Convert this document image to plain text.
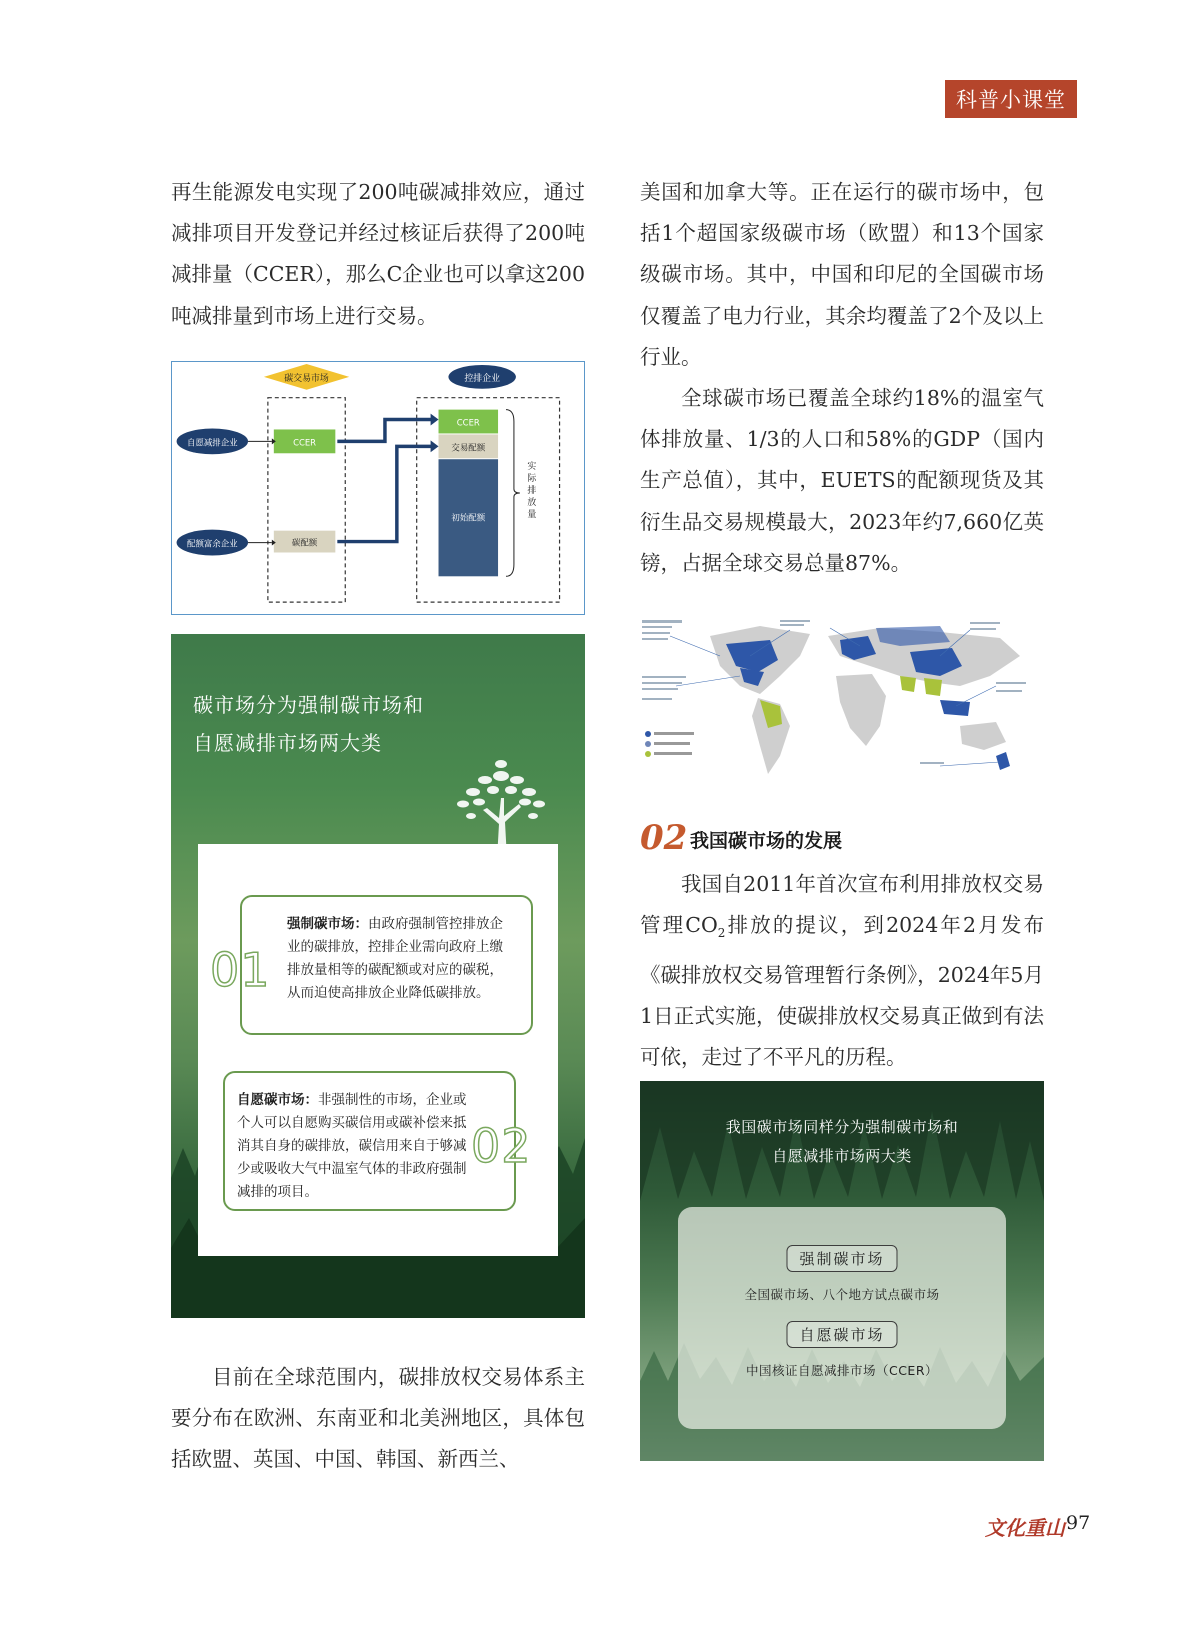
科普小课堂

再生能源发电实现了200吨碳减排效应，通过减排项目开发登记并经过核证后获得了200吨减排量（CCER），那么C企业也可以拿这200吨减排量到市场上进行交易。

碳交易市场	控排企业
自愿减排企业
配额富余企业
CCER
碳配额
CCER
交易配额
初始配额
实
际
排
放
量
碳市场分为强制碳市场和
自愿减排市场两大类
01
强制碳市场：由政府强制管控排放企业的碳排放，控排企业需向政府上缴排放量相等的碳配额或对应的碳税，从而迫使高排放企业降低碳排放。
自愿碳市场：非强制性的市场，企业或个人可以自愿购买碳信用或碳补偿来抵消其自身的碳排放，碳信用来自于够减少或吸收大气中温室气体的非政府强制减排的项目。
02

目前在全球范围内，碳排放权交易体系主要分布在欧洲、东南亚和北美洲地区，具体包括欧盟、英国、中国、韩国、新西兰、

美国和加拿大等。正在运行的碳市场中，包括1个超国家级碳市场（欧盟）和13个国家级碳市场。其中，中国和印尼的全国碳市场仅覆盖了电力行业，其余均覆盖了2个及以上行业。

全球碳市场已覆盖全球约18%的温室气体排放量、1/3的人口和58%的GDP（国内生产总值），其中，EUETS的配额现货及其衍生品交易规模最大，2023年约7,660亿英镑，占据全球交易总量87%。

02 我国碳市场的发展

我国自2011年首次宣布利用排放权交易管理$CO_2$排放的提议，到2024年2月发布《碳排放权交易管理暂行条例》，2024年5月1日正式实施，使碳排放权交易真正做到有法可依，走过了不平凡的历程。

我国碳市场同样分为强制碳市场和
自愿减排市场两大类
强制碳市场
全国碳市场、八个地方试点碳市场
自愿碳市场
中国核证自愿减排市场（CCER）
文化重山 97
